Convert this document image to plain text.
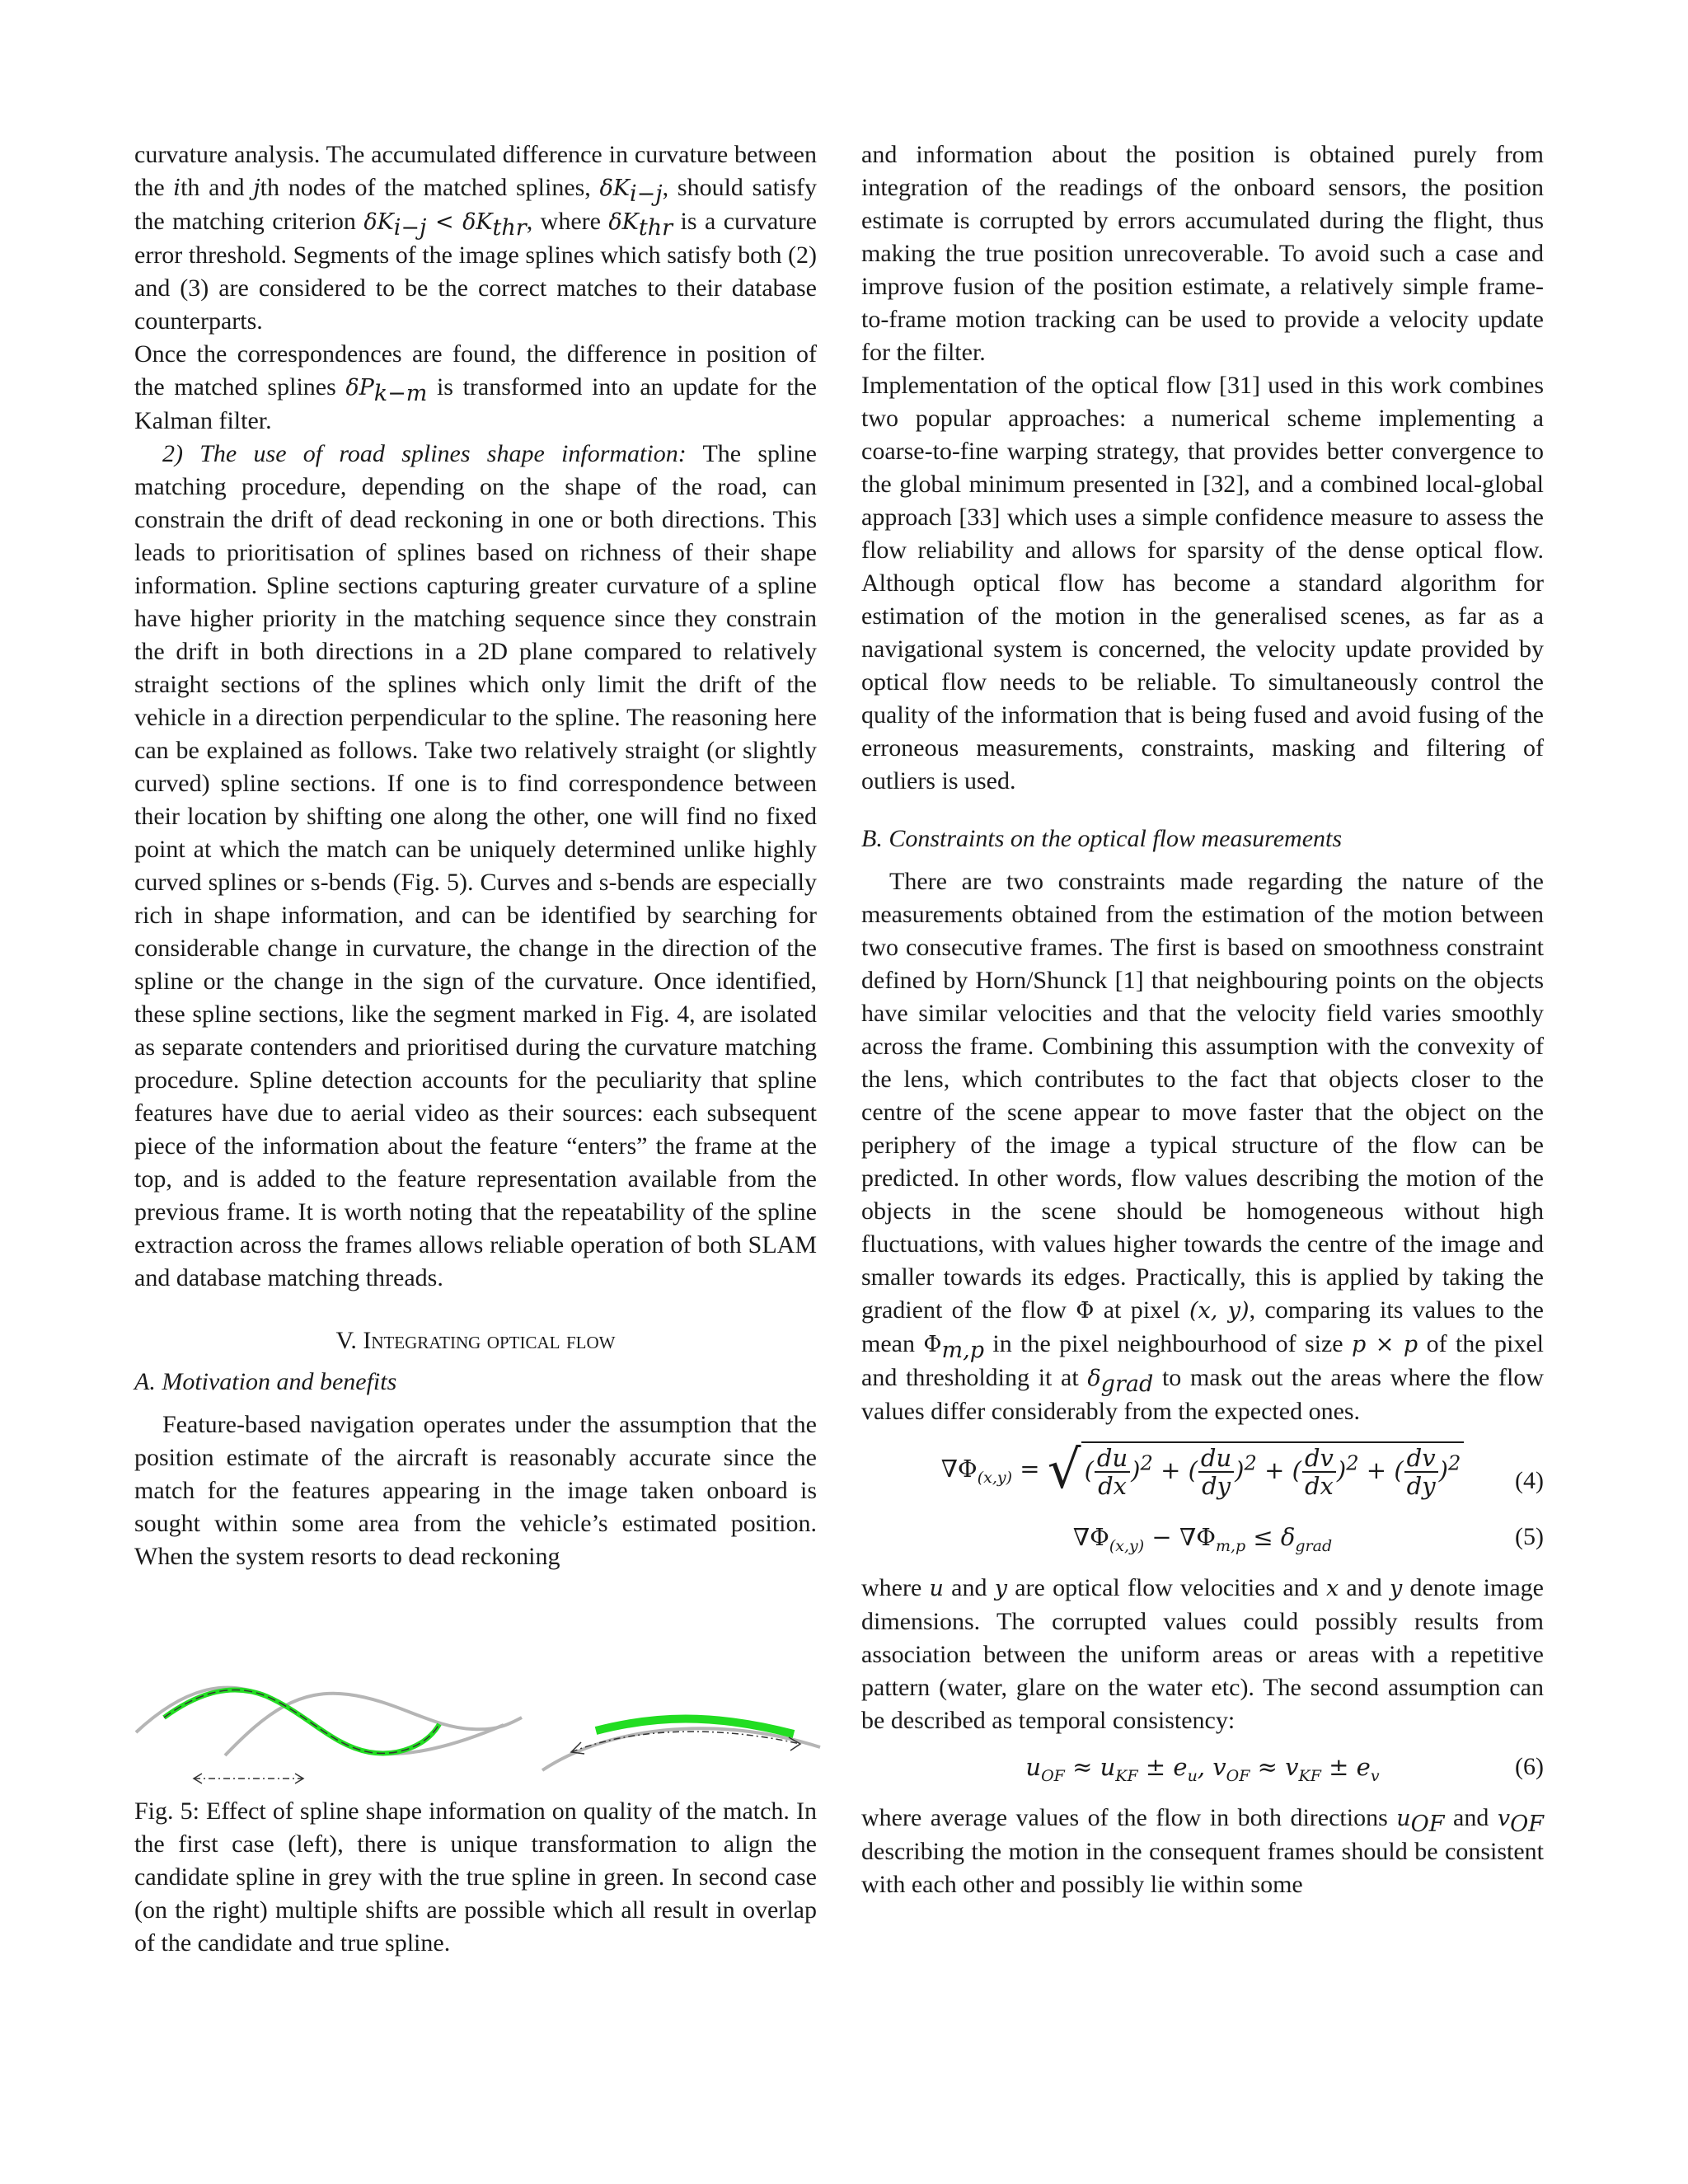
curvature analysis. The accumulated difference in curvature between the ith and jth nodes of the matched splines, $\delta K_{i-j}$, should satisfy the matching criterion $\delta K_{i-j} < \delta K_{thr}$, where $\delta K_{thr}$ is a curvature error threshold. Segments of the image splines which satisfy both (2) and (3) are considered to be the correct matches to their database counterparts.

Once the correspondences are found, the difference in position of the matched splines $\delta P_{k-m}$ is transformed into an update for the Kalman filter.

2) The use of road splines shape information: The spline matching procedure, depending on the shape of the road, can constrain the drift of dead reckoning in one or both directions. This leads to prioritisation of splines based on richness of their shape information. Spline sections capturing greater curvature of a spline have higher priority in the matching sequence since they constrain the drift in both directions in a 2D plane compared to relatively straight sections of the splines which only limit the drift of the vehicle in a direction perpendicular to the spline. The reasoning here can be explained as follows. Take two relatively straight (or slightly curved) spline sections. If one is to find correspondence between their location by shifting one along the other, one will find no fixed point at which the match can be uniquely determined unlike highly curved splines or s-bends (Fig. 5). Curves and s-bends are especially rich in shape information, and can be identified by searching for considerable change in curvature, the change in the direction of the spline or the change in the sign of the curvature. Once identified, these spline sections, like the segment marked in Fig. 4, are isolated as separate contenders and prioritised during the curvature matching procedure. Spline detection accounts for the peculiarity that spline features have due to aerial video as their sources: each subsequent piece of the information about the feature “enters” the frame at the top, and is added to the feature representation available from the previous frame. It is worth noting that the repeatability of the spline extraction across the frames allows reliable operation of both SLAM and database matching threads.

V. Integrating optical flow
A. Motivation and benefits

Feature-based navigation operates under the assumption that the position estimate of the aircraft is reasonably accurate since the match for the features appearing in the image taken onboard is sought within some area from the vehicle’s estimated position. When the system resorts to dead reckoning

Fig. 5: Effect of spline shape information on quality of the match. In the first case (left), there is unique transformation to align the candidate spline in grey with the true spline in green. In second case (on the right) multiple shifts are possible which all result in overlap of the candidate and true spline.

and information about the position is obtained purely from integration of the readings of the onboard sensors, the position estimate is corrupted by errors accumulated during the flight, thus making the true position unrecoverable. To avoid such a case and improve fusion of the position estimate, a relatively simple frame-to-frame motion tracking can be used to provide a velocity update for the filter.

Implementation of the optical flow [31] used in this work combines two popular approaches: a numerical scheme implementing a coarse-to-fine warping strategy, that provides better convergence to the global minimum presented in [32], and a combined local-global approach [33] which uses a simple confidence measure to assess the flow reliability and allows for sparsity of the dense optical flow. Although optical flow has become a standard algorithm for estimation of the motion in the generalised scenes, as far as a navigational system is concerned, the velocity update provided by optical flow needs to be reliable. To simultaneously control the quality of the information that is being fused and avoid fusing of the erroneous measurements, constraints, masking and filtering of outliers is used.

B. Constraints on the optical flow measurements

There are two constraints made regarding the nature of the measurements obtained from the estimation of the motion between two consecutive frames. The first is based on smoothness constraint defined by Horn/Shunck [1] that neighbouring points on the objects have similar velocities and that the velocity field varies smoothly across the frame. Combining this assumption with the convexity of the lens, which contributes to the fact that objects closer to the centre of the scene appear to move faster that the object on the periphery of the image a typical structure of the flow can be predicted. In other words, flow values describing the motion of the objects in the scene should be homogeneous without high fluctuations, with values higher towards the centre of the image and smaller towards its edges. Practically, this is applied by taking the gradient of the flow Φ at pixel (x, y), comparing its values to the mean $\Phi_{m,p}$ in the pixel neighbourhood of size p × p of the pixel and thresholding it at $\delta_{grad}$ to mask out the areas where the flow values differ considerably from the expected ones.

$\nabla\Phi_{(x,y)}$ = √ ( $\frac{du}{dx} )^2$ + ( $\frac{du}{dy} )^2$ + ( $\frac{dv}{dx} )^2$ + ( $\frac{dv}{dy} )^2$
(4)
$\nabla\Phi_{(x,y)} - \nabla\Phi_{m,p} \le \delta_{grad}$	(5)

where u and y are optical flow velocities and x and y denote image dimensions. The corrupted values could possibly results from association between the uniform areas or areas with a repetitive pattern (water, glare on the water etc). The second assumption can be described as temporal consistency:

$u_{OF} \approx u_{KF} \pm e_u$, $v_{OF} \approx v_{KF} \pm e_v$	(6)

where average values of the flow in both directions $u_{OF}$ and $v_{OF}$ describing the motion in the consequent frames should be consistent with each other and possibly lie within some
